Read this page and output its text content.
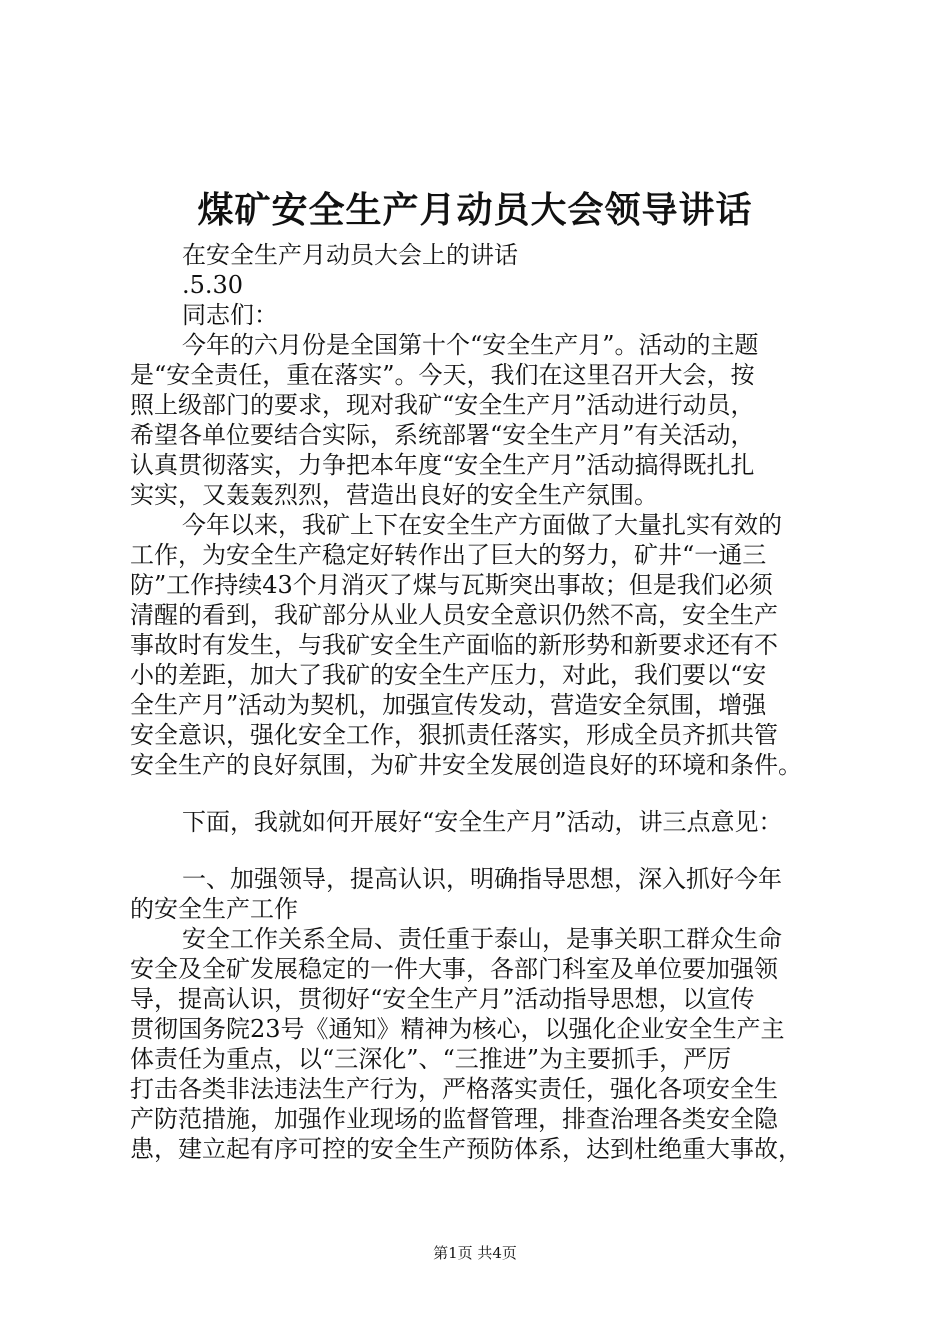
煤矿安全生产月动员大会领导讲话
在安全生产月动员大会上的讲话
.5.30
同志们：
今年的六月份是全国第十个“安全生产月”。活动的主题
是“安全责任，重在落实”。今天，我们在这里召开大会，按
照上级部门的要求，现对我矿“安全生产月”活动进行动员，
希望各单位要结合实际，系统部署“安全生产月”有关活动，
认真贯彻落实，力争把本年度“安全生产月”活动搞得既扎扎
实实，又轰轰烈烈，营造出良好的安全生产氛围。
今年以来，我矿上下在安全生产方面做了大量扎实有效的
工作，为安全生产稳定好转作出了巨大的努力，矿井“一通三
防”工作持续43个月消灭了煤与瓦斯突出事故；但是我们必须
清醒的看到，我矿部分从业人员安全意识仍然不高，安全生产
事故时有发生，与我矿安全生产面临的新形势和新要求还有不
小的差距，加大了我矿的安全生产压力，对此，我们要以“安
全生产月”活动为契机，加强宣传发动，营造安全氛围，增强
安全意识，强化安全工作，狠抓责任落实，形成全员齐抓共管
安全生产的良好氛围，为矿井安全发展创造良好的环境和条件。
下面，我就如何开展好“安全生产月”活动，讲三点意见：
一、加强领导，提高认识，明确指导思想，深入抓好今年
的安全生产工作
安全工作关系全局、责任重于泰山，是事关职工群众生命
安全及全矿发展稳定的一件大事，各部门科室及单位要加强领
导，提高认识，贯彻好“安全生产月”活动指导思想，以宣传
贯彻国务院23号《通知》精神为核心，以强化企业安全生产主
体责任为重点，以“三深化”、“三推进”为主要抓手，严厉
打击各类非法违法生产行为，严格落实责任，强化各项安全生
产防范措施，加强作业现场的监督管理，排查治理各类安全隐
患，建立起有序可控的安全生产预防体系，达到杜绝重大事故，
第1页 共4页
